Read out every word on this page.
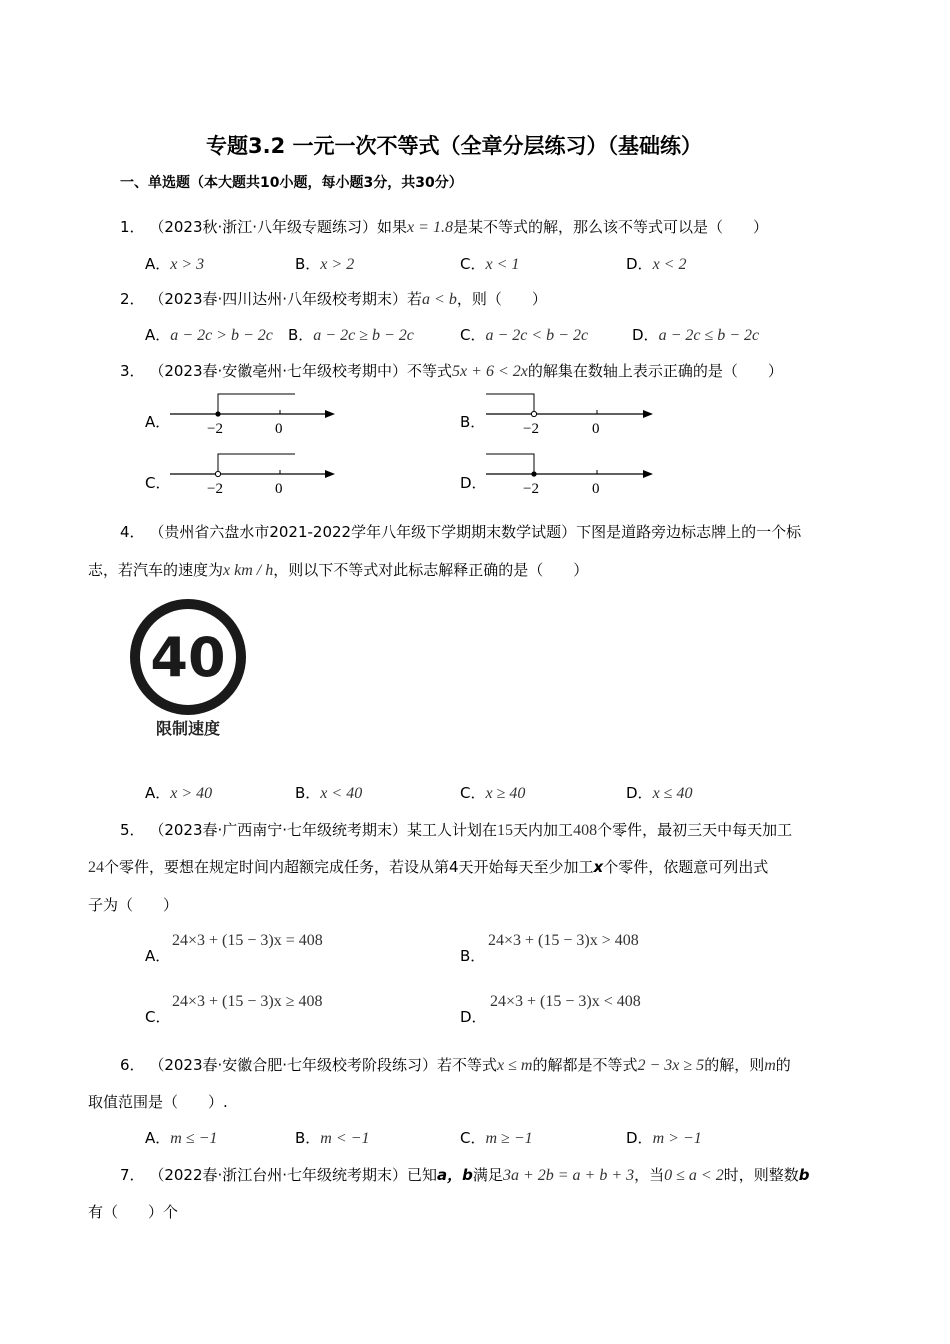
专题3.2 一元一次不等式（全章分层练习）（基础练）
一、单选题（本大题共10小题，每小题3分，共30分）
1． （2023秋·浙江·八年级专题练习）如果x = 1.8是某不等式的解，那么该不等式可以是（　　）
A．x > 3	B．x > 2	C．x < 1	D．x < 2
2． （2023春·四川达州·八年级校考期末）若a < b，则（　　）
A．a − 2c > b − 2c B．a − 2c ≥ b − 2c	C．a − 2c < b − 2c	D．a − 2c ≤ b − 2c
3． （2023春·安徽亳州·七年级校考期中）不等式5x + 6 < 2x的解集在数轴上表示正确的是（　　）
A． −2	0	B．	−2	0
C． −2	0	D． −2	0
4． （贵州省六盘水市2021-2022学年八年级下学期期末数学试题）下图是道路旁边标志牌上的一个标
志，若汽车的速度为x km / h，则以下不等式对此标志解释正确的是（　　）
40
限制速度
A．x > 40	B．x < 40	C．x ≥ 40	D．x ≤ 40
5． （2023春·广西南宁·七年级统考期末）某工人计划在15天内加工408个零件，最初三天中每天加工
24个零件，要想在规定时间内超额完成任务，若设从第4天开始每天至少加工x个零件，依题意可列出式
子为（　　）
A．
24×3 + (15 − 3)x = 408
B．
24×3 + (15 − 3)x > 408
C．
24×3 + (15 − 3)x ≥ 408
D．
24×3 + (15 − 3)x < 408
6． （2023春·安徽合肥·七年级校考阶段练习）若不等式x ≤ m的解都是不等式2 − 3x ≥ 5的解，则m的
取值范围是（　　）.
A．m ≤ −1	B．m < −1	C．m ≥ −1	D．m > −1
7． （2022春·浙江台州·七年级统考期末）已知a，b满足3a + 2b = a + b + 3，当0 ≤ a < 2时，则整数b
有（　　）个
